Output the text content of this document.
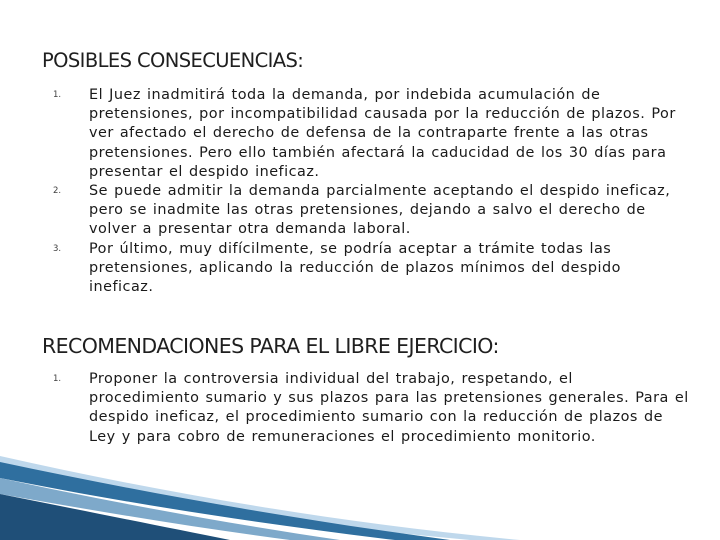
POSIBLES CONSECUENCIAS:
1. El Juez inadmitirá toda la demanda, por indebida acumulación de pretensiones, por incompatibilidad causada por la reducción de plazos. Por ver afectado el derecho de defensa de la contraparte frente a las otras pretensiones. Pero ello también afectará la caducidad de los 30 días para presentar el despido ineficaz.
2. Se puede admitir la demanda parcialmente aceptando el despido ineficaz, pero se inadmite las otras pretensiones, dejando a salvo el derecho de volver a presentar otra demanda laboral.
3. Por último, muy difícilmente, se podría aceptar a trámite todas las pretensiones, aplicando la reducción de plazos mínimos del despido ineficaz.
RECOMENDACIONES PARA EL LIBRE EJERCICIO:
1. Proponer la controversia individual del trabajo, respetando, el procedimiento sumario y sus plazos para las pretensiones generales. Para el despido ineficaz, el procedimiento sumario con la reducción de plazos de Ley y para cobro de remuneraciones el procedimiento monitorio.
